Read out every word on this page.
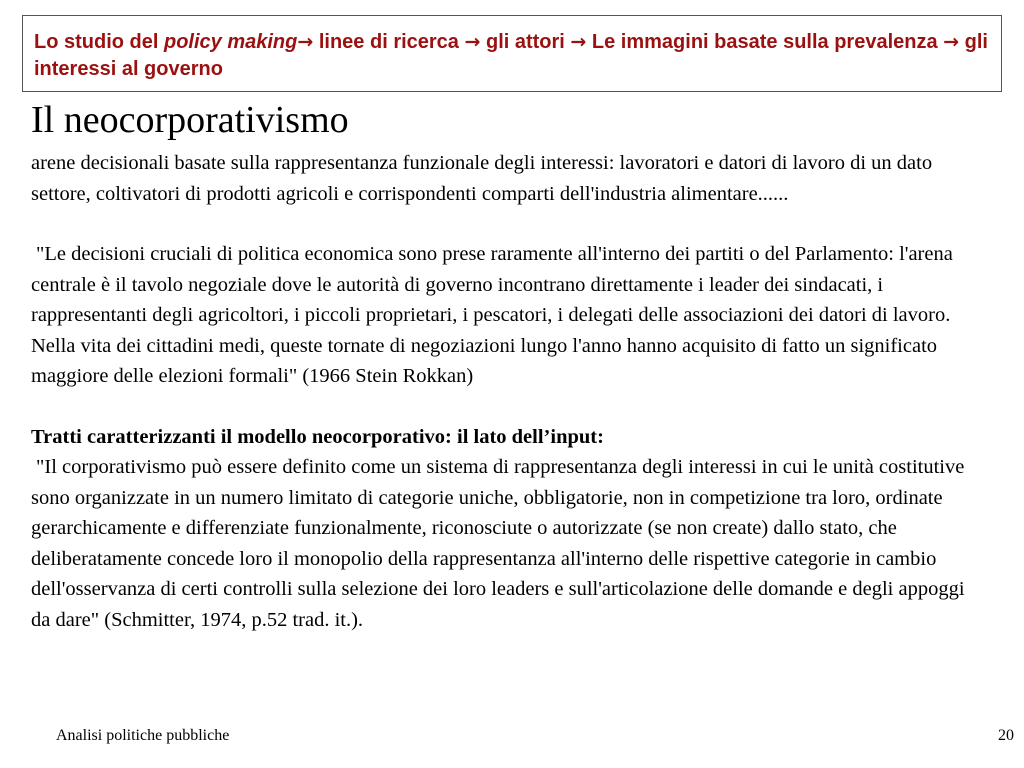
Lo studio del policy making→ linee di ricerca → gli attori → Le immagini basate sulla prevalenza → gli interessi al governo
Il neocorporativismo

arene decisionali basate sulla rappresentanza funzionale degli interessi: lavoratori e datori di lavoro di un dato settore, coltivatori di prodotti agricoli e corrispondenti comparti dell'industria alimentare......

"Le decisioni cruciali di politica economica sono prese raramente all'interno dei partiti o del Parlamento: l'arena centrale è il tavolo negoziale dove le autorità di governo incontrano direttamente i leader dei sindacati, i rappresentanti degli agricoltori, i piccoli proprietari, i pescatori, i delegati delle associazioni dei datori di lavoro. Nella vita dei cittadini medi, queste tornate di negoziazioni lungo l'anno hanno acquisito di fatto un significato maggiore delle elezioni formali" (1966 Stein Rokkan)

Tratti caratterizzanti il modello neocorporativo: il lato dell’input:

"Il corporativismo può essere definito come un sistema di rappresentanza degli interessi in cui le unità costitutive sono organizzate in un numero limitato di categorie uniche, obbligatorie, non in competizione tra loro, ordinate gerarchicamente e differenziate funzionalmente, riconosciute o autorizzate (se non create) dallo stato, che deliberatamente concede loro il monopolio della rappresentanza all'interno delle rispettive categorie in cambio dell'osservanza di certi controlli sulla selezione dei loro leaders e sull'articolazione delle domande e degli appoggi da dare" (Schmitter, 1974, p.52 trad. it.).

Analisi politiche pubbliche	20
